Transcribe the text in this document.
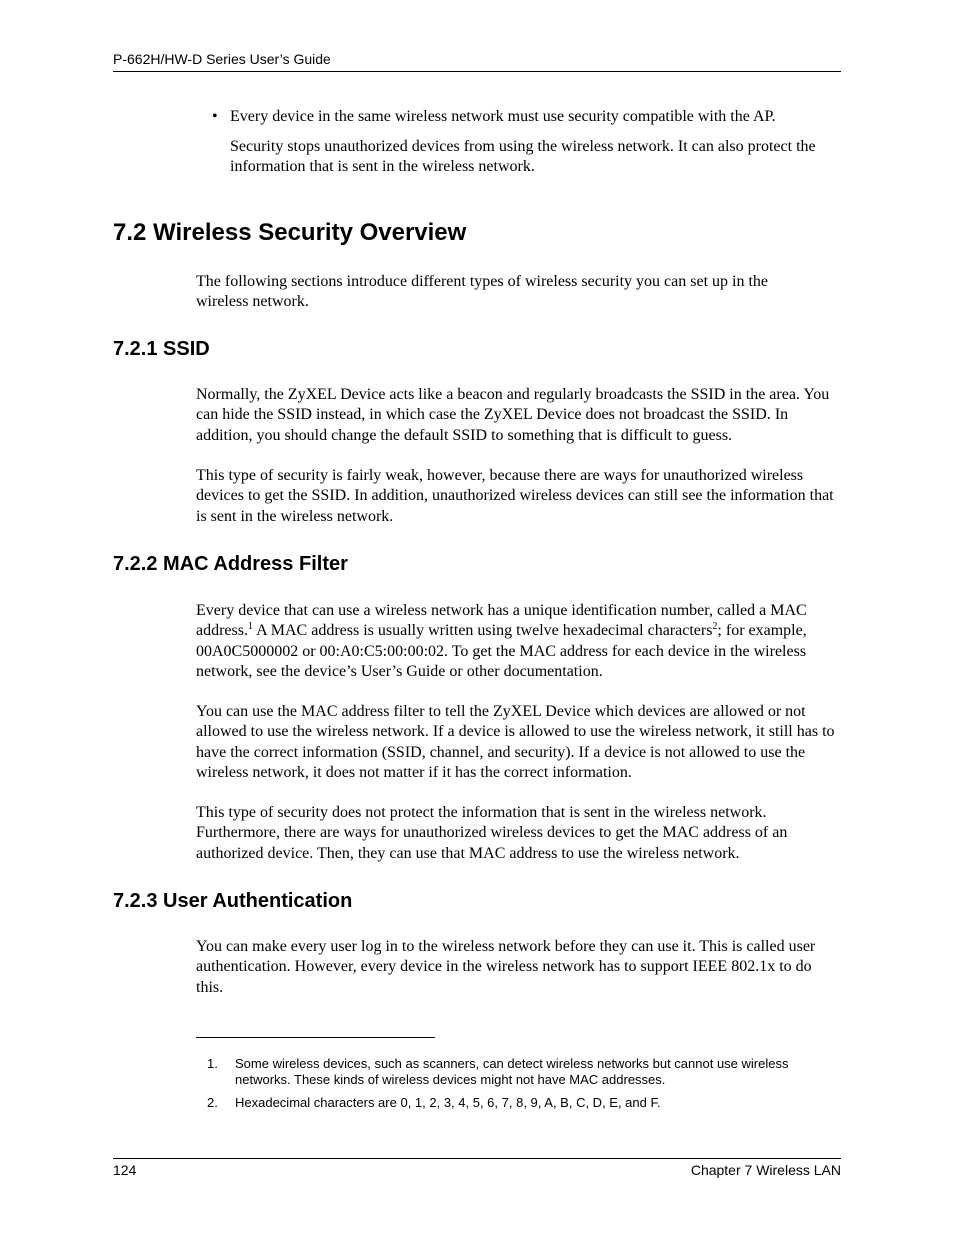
P-662H/HW-D Series User’s Guide
• Every device in the same wireless network must use security compatible with the AP.
Security stops unauthorized devices from using the wireless network. It can also protect the information that is sent in the wireless network.
7.2 Wireless Security Overview
The following sections introduce different types of wireless security you can set up in the wireless network.
7.2.1 SSID
Normally, the ZyXEL Device acts like a beacon and regularly broadcasts the SSID in the area. You can hide the SSID instead, in which case the ZyXEL Device does not broadcast the SSID. In addition, you should change the default SSID to something that is difficult to guess.
This type of security is fairly weak, however, because there are ways for unauthorized wireless devices to get the SSID. In addition, unauthorized wireless devices can still see the information that is sent in the wireless network.
7.2.2 MAC Address Filter
Every device that can use a wireless network has a unique identification number, called a MAC address.$^1$ A MAC address is usually written using twelve hexadecimal characters$^2$; for example, 00A0C5000002 or 00:A0:C5:00:00:02. To get the MAC address for each device in the wireless network, see the device’s User’s Guide or other documentation.
You can use the MAC address filter to tell the ZyXEL Device which devices are allowed or not allowed to use the wireless network. If a device is allowed to use the wireless network, it still has to have the correct information (SSID, channel, and security). If a device is not allowed to use the wireless network, it does not matter if it has the correct information.
This type of security does not protect the information that is sent in the wireless network. Furthermore, there are ways for unauthorized wireless devices to get the MAC address of an authorized device. Then, they can use that MAC address to use the wireless network.
7.2.3 User Authentication
You can make every user log in to the wireless network before they can use it. This is called user authentication. However, every device in the wireless network has to support IEEE 802.1x to do this.
1. Some wireless devices, such as scanners, can detect wireless networks but cannot use wireless networks. These kinds of wireless devices might not have MAC addresses.
2. Hexadecimal characters are 0, 1, 2, 3, 4, 5, 6, 7, 8, 9, A, B, C, D, E, and F.
124	Chapter 7 Wireless LAN
